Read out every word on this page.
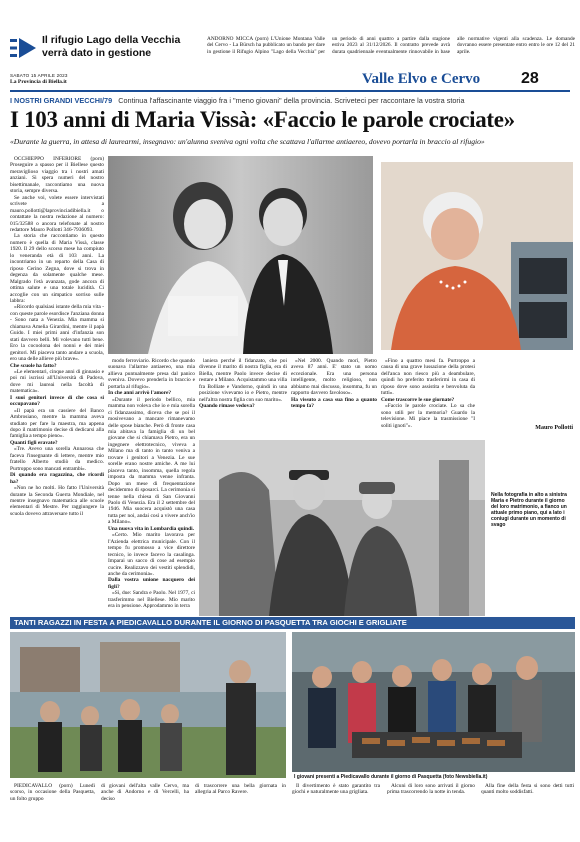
Il rifugio Lago della Vecchia
verrà dato in gestione
ANDORNO MICCA (porn) L'Unione Montana Valle del Cervo - La Bürsch ha pubblicato un bando per dare in gestione il Rifugio Alpino "Lago della Vecchia" per un periodo di anni quattro a partire dalla stagione estiva 2023 al 31/12/2026. Il contratto prevede avrà durata quadriennale eventualmente rinnovabile in base alle normative vigenti alla scadenza. Le domande dovranno essere presentate entro entro le ore 12 del 21 aprile.
SABATO 15 APRILE 2023
La Provincia di Biella.it	Valle Elvo e Cervo	28
I NOSTRI GRANDI VECCHI/79 Continua l'affascinante viaggio fra i "meno giovani" della provincia. Scriveteci per raccontare la vostra storia
I 103 anni di Maria Vissà: «Faccio le parole crociate»
«Durante la guerra, in attesa di laurearmi, insegnavo: un'alunna sveniva ogni volta che scattava l'allarme antiaereo, dovevo portarla in braccio al rifugio»

OCCHIEPPO INFERIORE (porn) Proseguire a spasso per il Biellese questo meraviglioso viaggio tra i nostri amati anziani. Si spera numeri del nostro bisettimanale, raccontiamo una nuova storia, sempre diversa.

Se anche voi, volete essere intervistati scrivete a mauro.pollotti@laprovinciadibiella.it o contattate la nostra redazione al numero: 015/32588 o ancora telefonate al nostro redattore Mauro Pollotti 346-7936093.

La storia che raccontiamo in questo numero è quella di Maria Vissà, classe 1920. Il 29 dello scorso mese ha compiuto lo veneranda età di 103 anni. La incontriamo in un reparto della Casa di riposo Cerino Zegna, dove si trova in degenza da solamente qualche mese. Malgrado l'età avanzata, gode ancora di ottima salute e una totale lucidità. Ci accoglie con un simpatico sorriso sulle labbra:

«Ricordo qualsiasi istante della mia vita - con queste parole esordisce l'anziana donna - Sono nata a Venezia. Mia mamma si chiamava Amelia Girardini, mentre il papà Guido. I miei primi anni d'infanzia son stati davvero belli. Mi volevano tutti bene. Ero la cocoolona dei nonni e dei miei genitori. Mi piaceva tanto andare a scuola, ero una delle allieve più brave».

Che scuole ha fatto?

«Le elementari, cinque anni di ginnasio e poi mi iscrissi all'Università di Padova, dove mi laureai nella facoltà di matematica».

I suoi genitori invece di che cosa si occupavano?

«Il papà era un cassiere del Banco Ambrosiano, mentre la mamma aveva studiato per fare la maestra, ma appena dopo il matrimonio decise di dedicarsi alla famiglia a tempo pieno».

Quanti figli eravate?

«Tre. Avevo una sorella Annarosa che faceva l'insegnante di lettere, mentre mio fratello Alberto studiò da medico. Purtroppo sono mancati entrambi».

Di quando era ragazzina, che ricordi ha?

«Non ne ho molti. Ho fatto l'Università durante la Seconda Guerra Mondiale, nel mentre insegnavo matematica alle scuole elementari di Mestre. Per raggiungere la scuola dovevo attraversare tutto il

modo ferroviario. Ricordo che quando suonava l'allarme antiaereo, una mia allieva puntualmente presa dal panico sveniva. Dovevo prenderla in braccio e portarla al rifugio».

In che anni arrivò l'amore?

«Durante il periodo bellico, mia mamma non voleva che io e mia sorella ci fidanzassimo, diceva che se poi il mosivevano a mancare rimanevamo delle spose bianche. Però di fronte casa mia abitava la famiglia di un bel giovane che si chiamava Pietro, era un ingegnere elettrotecnico, viveva a Milano ma di tanto in tanto veniva a trovare i genitori a Venezia. Le sue sorelle erano nostre amiche. A me lui piaceva tanto, insomma, quella regola imposta da mamma venne infranta. Dopo un mese di frequentazione decidemmo di sposarci. La cerimonia si tenne nella chiesa di San Giovanni Paolo di Venezia. Era il 2 settembre del 1946. Mia suocera acquistò una casa tutta per noi, andai così a vivere anch'io a Milano».

Una nuova vita in Lombardia quindi.

«Certo. Mio marito lavorava per l'Azienda elettrica municipale. Con il tempo fu promosso a vice direttore tecnico, io invece facevo la casalinga. Imparai un sacco di cose ad esempio cucire. Realizzavo dei vestiti splendidi, anche da cerimonia».

Dalla vostra unione nacquero dei figli?

«Sì, due: Sandra e Paolo. Nel 1977, ci trasferimmo nel Biellese. Mio marito era in pensione. Approdammo in terra

laniera perché il fidanzato, che poi divenne il marito di nostra figlia, era di Biella, mentre Paolo invece decise di restare a Milano. Acquistammo una villa fra Bolliate e Vandorno, quindi in una posizione vivevamo io e Pietro, mentre nell'altra nostra figlia con suo marito».

Quando rimase vedova?

«Nel 2000. Quando morì, Pietro aveva 87 anni. E' stato un uomo eccezionale. Era una persona intelligente, molto religioso, non abbiamo mai discusso, insomma, fu un rapporto davvero favoloso».

Ha vissuto a casa sua fino a quanto tempo fa?

«Fino a quattro mesi fa. Purtroppo a causa di una grave lussazione della protesi dell'anca non riesco più a deambulare, quindi ho preferito trasferirmi in casa di riposo dove sono assistita e benvoluta da tutti».

Come trascorre le sue giornate?

«Faccio le parole crociate. Lo sa che sono utili per la memoria? Guardo la televisione. Mi piace la trasmissione "I soliti ignoti"».	Mauro Pollotti
Nella fotografia in alto a sinistra Maria e Pietro durante il giorno del loro matrimonio, a fianco un attuale primo piano, qui a lato i coniugi durante un momento di svago
TANTI RAGAZZI IN FESTA A PIEDICAVALLO DURANTE IL GIORNO DI PASQUETTA TRA GIOCHI E GRIGLIATE
I giovani presenti a Piedicavallo durante il giorno di Pasquetta (foto Newsbiella.it)

PIEDICAVALLO (porn) Lunedì scorso, in occasione della Pasquetta, un folto gruppo

di giovani dell'alta valle Cervo, ma anche di Andorno e di Vercelli, ha deciso

di trascorrere una bella giornata in allegria al Parco Ravere.

Il divertimento è stato garantito tra giochi e naturalmente una grigliata.

Alcuni di loro sono arrivati il giorno prima trascorrendo la notte in tenda.

Alla fine della festa si sono detti tutti quanti molto soddisfatti.
